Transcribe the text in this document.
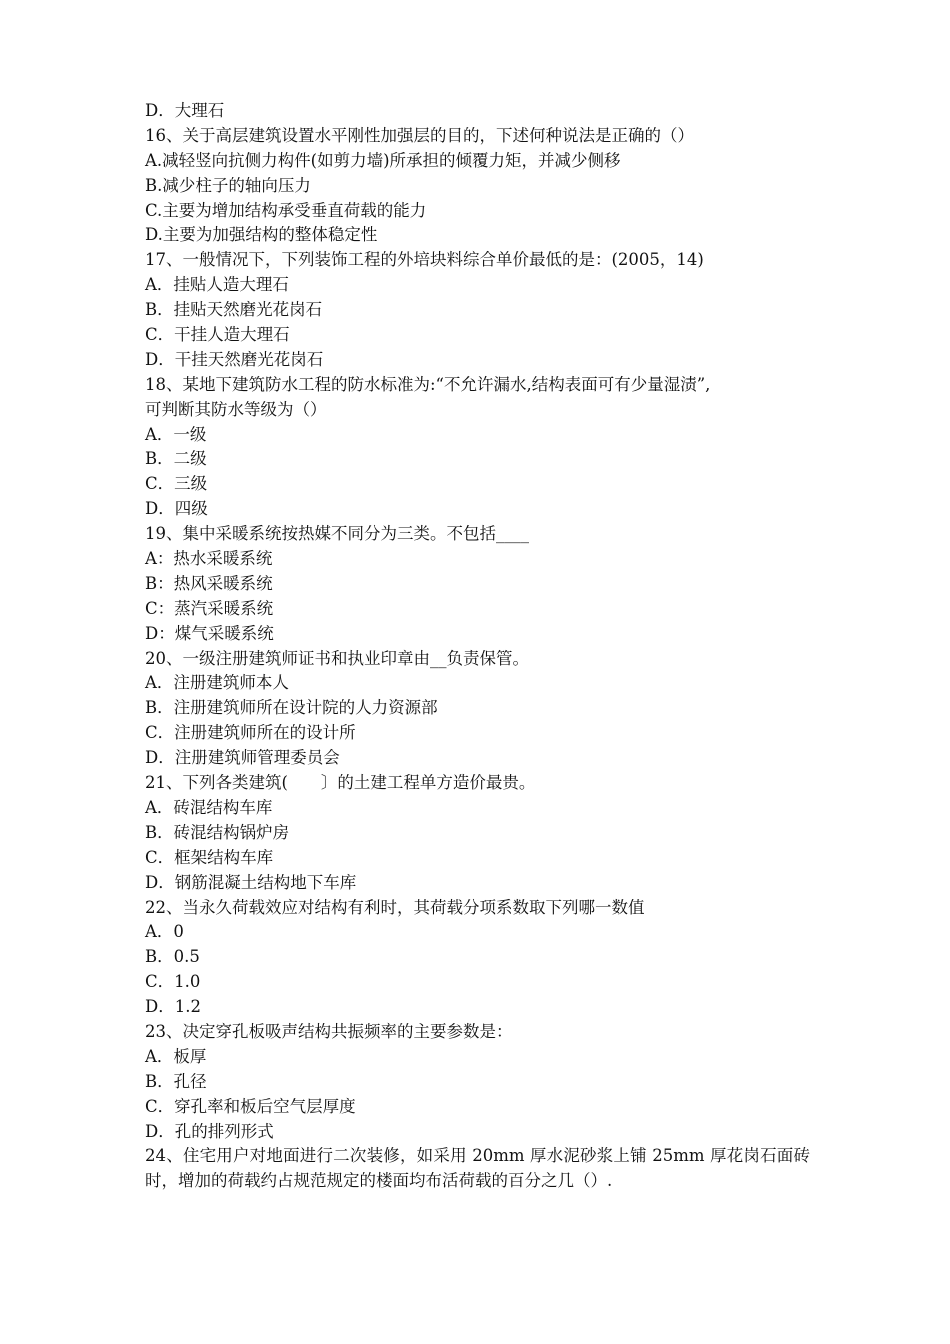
D．大理石
16、关于高层建筑设置水平刚性加强层的目的，下述何种说法是正确的（）
A.减轻竖向抗侧力构件(如剪力墙)所承担的倾覆力矩，并减少侧移
B.减少柱子的轴向压力
C.主要为增加结构承受垂直荷载的能力
D.主要为加强结构的整体稳定性
17、一般情况下，下列装饰工程的外培块料综合单价最低的是：(2005，14)
A．挂贴人造大理石
B．挂贴天然磨光花岗石
C．干挂人造大理石
D．干挂天然磨光花岗石
18、某地下建筑防水工程的防水标准为:“不允许漏水,结构表面可有少量湿渍”,
可判断其防水等级为（）
A．一级
B．二级
C．三级
D．四级
19、集中采暖系统按热媒不同分为三类。不包括____
A：热水采暖系统
B：热风采暖系统
C：蒸汽采暖系统
D：煤气采暖系统
20、一级注册建筑师证书和执业印章由__负责保管。
A．注册建筑师本人
B．注册建筑师所在设计院的人力资源部
C．注册建筑师所在的设计所
D．注册建筑师管理委员会
21、下列各类建筑(　　〕的土建工程单方造价最贵。
A．砖混结构车库
B．砖混结构锅炉房
C．框架结构车库
D．钢筋混凝土结构地下车库
22、当永久荷载效应对结构有利时，其荷载分项系数取下列哪一数值
A．0
B．0.5
C．1.0
D．1.2
23、决定穿孔板吸声结构共振频率的主要参数是：
A．板厚
B．孔径
C．穿孔率和板后空气层厚度
D．孔的排列形式
24、住宅用户对地面进行二次装修，如采用 20mm 厚水泥砂浆上铺 25mm 厚花岗石面砖时，增加的荷载约占规范规定的楼面均布活荷载的百分之几（）.
